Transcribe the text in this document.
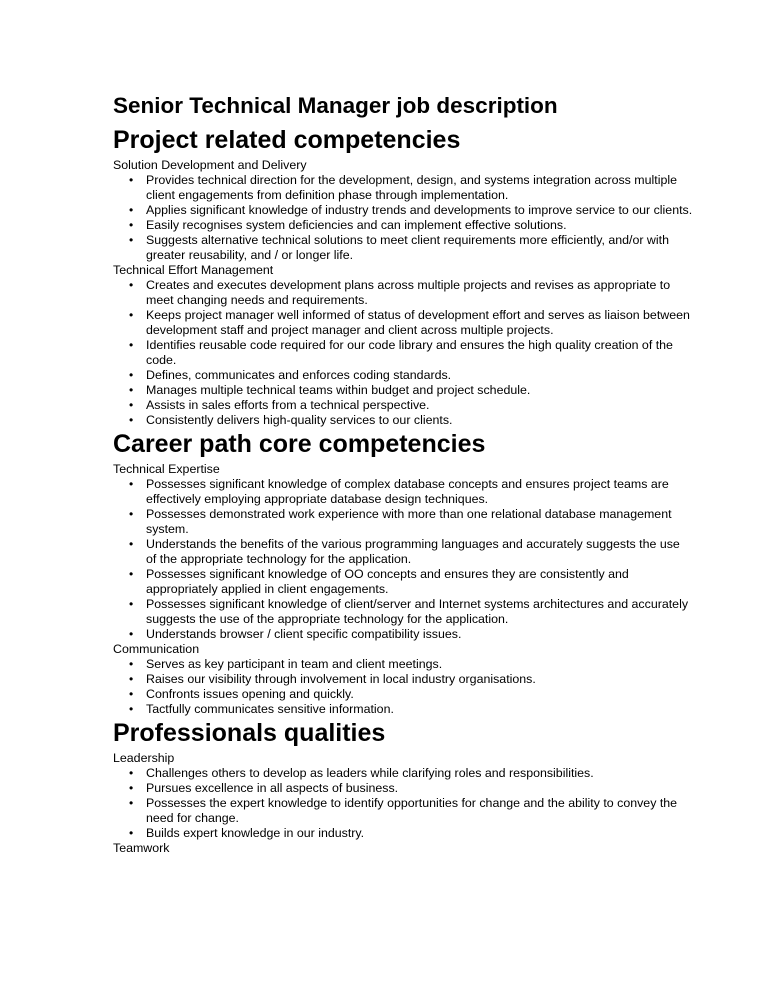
Senior Technical Manager job description
Project related competencies
Solution Development and Delivery
• Provides technical direction for the development, design, and systems integration across multiple client engagements from definition phase through implementation.
• Applies significant knowledge of industry trends and developments to improve service to our clients.
• Easily recognises system deficiencies and can implement effective solutions.
• Suggests alternative technical solutions to meet client requirements more efficiently, and/or with greater reusability, and / or longer life.
Technical Effort Management
• Creates and executes development plans across multiple projects and revises as appropriate to meet changing needs and requirements.
• Keeps project manager well informed of status of development effort and serves as liaison between development staff and project manager and client across multiple projects.
• Identifies reusable code required for our code library and ensures the high quality creation of the code.
• Defines, communicates and enforces coding standards.
• Manages multiple technical teams within budget and project schedule.
• Assists in sales efforts from a technical perspective.
• Consistently delivers high-quality services to our clients.
Career path core competencies
Technical Expertise
• Possesses significant knowledge of complex database concepts and ensures project teams are effectively employing appropriate database design techniques.
• Possesses demonstrated work experience with more than one relational database management system.
• Understands the benefits of the various programming languages and accurately suggests the use of the appropriate technology for the application.
• Possesses significant knowledge of OO concepts and ensures they are consistently and appropriately applied in client engagements.
• Possesses significant knowledge of client/server and Internet systems architectures and accurately suggests the use of the appropriate technology for the application.
• Understands browser / client specific compatibility issues.
Communication
• Serves as key participant in team and client meetings.
• Raises our visibility through involvement in local industry organisations.
• Confronts issues opening and quickly.
• Tactfully communicates sensitive information.
Professionals qualities
Leadership
• Challenges others to develop as leaders while clarifying roles and responsibilities.
• Pursues excellence in all aspects of business.
• Possesses the expert knowledge to identify opportunities for change and the ability to convey the need for change.
• Builds expert knowledge in our industry.
Teamwork
